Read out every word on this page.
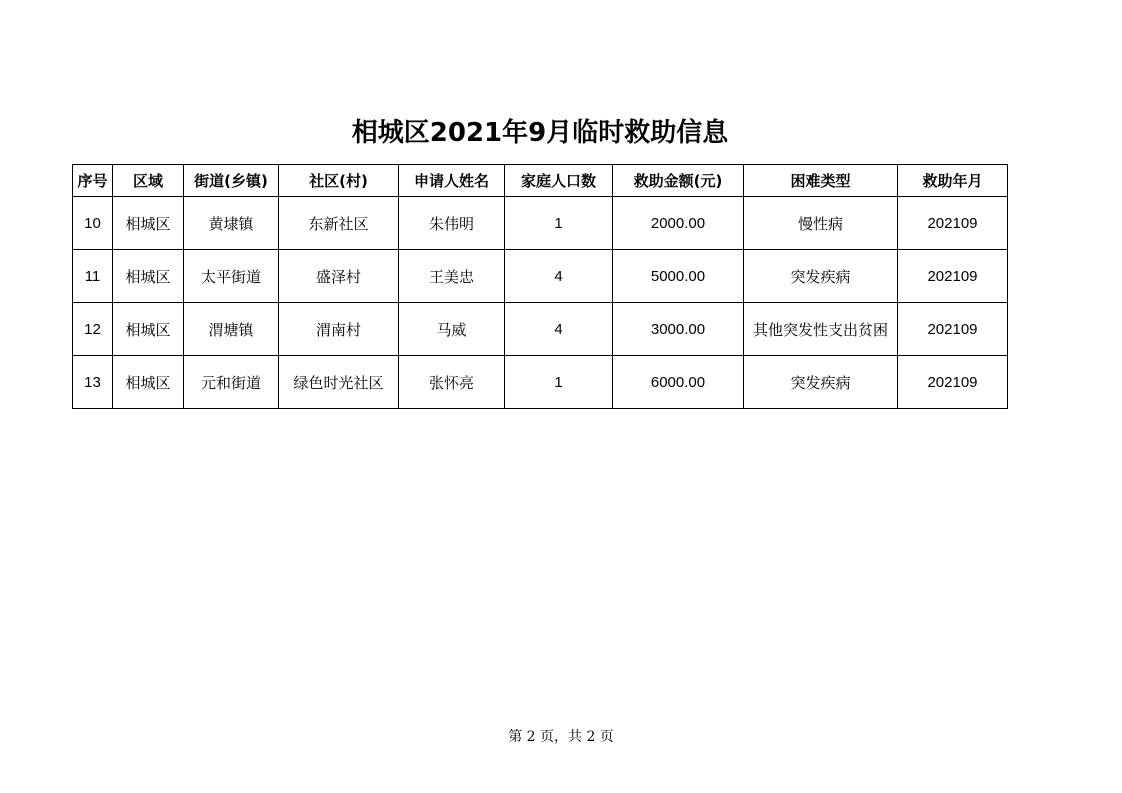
相城区2021年9月临时救助信息
序号	区域	街道(乡镇)	社区(村)	申请人姓名	家庭人口数	救助金额(元)	困难类型	救助年月
10	相城区	黄埭镇	东新社区	朱伟明	1	2000.00	慢性病	202109
11	相城区	太平街道	盛泽村	王美忠	4	5000.00	突发疾病	202109
12	相城区	渭塘镇	渭南村	马威	4	3000.00	其他突发性支出贫困	202109
13	相城区	元和街道	绿色时光社区	张怀亮	1	6000.00	突发疾病	202109
第 2 页，共 2 页
